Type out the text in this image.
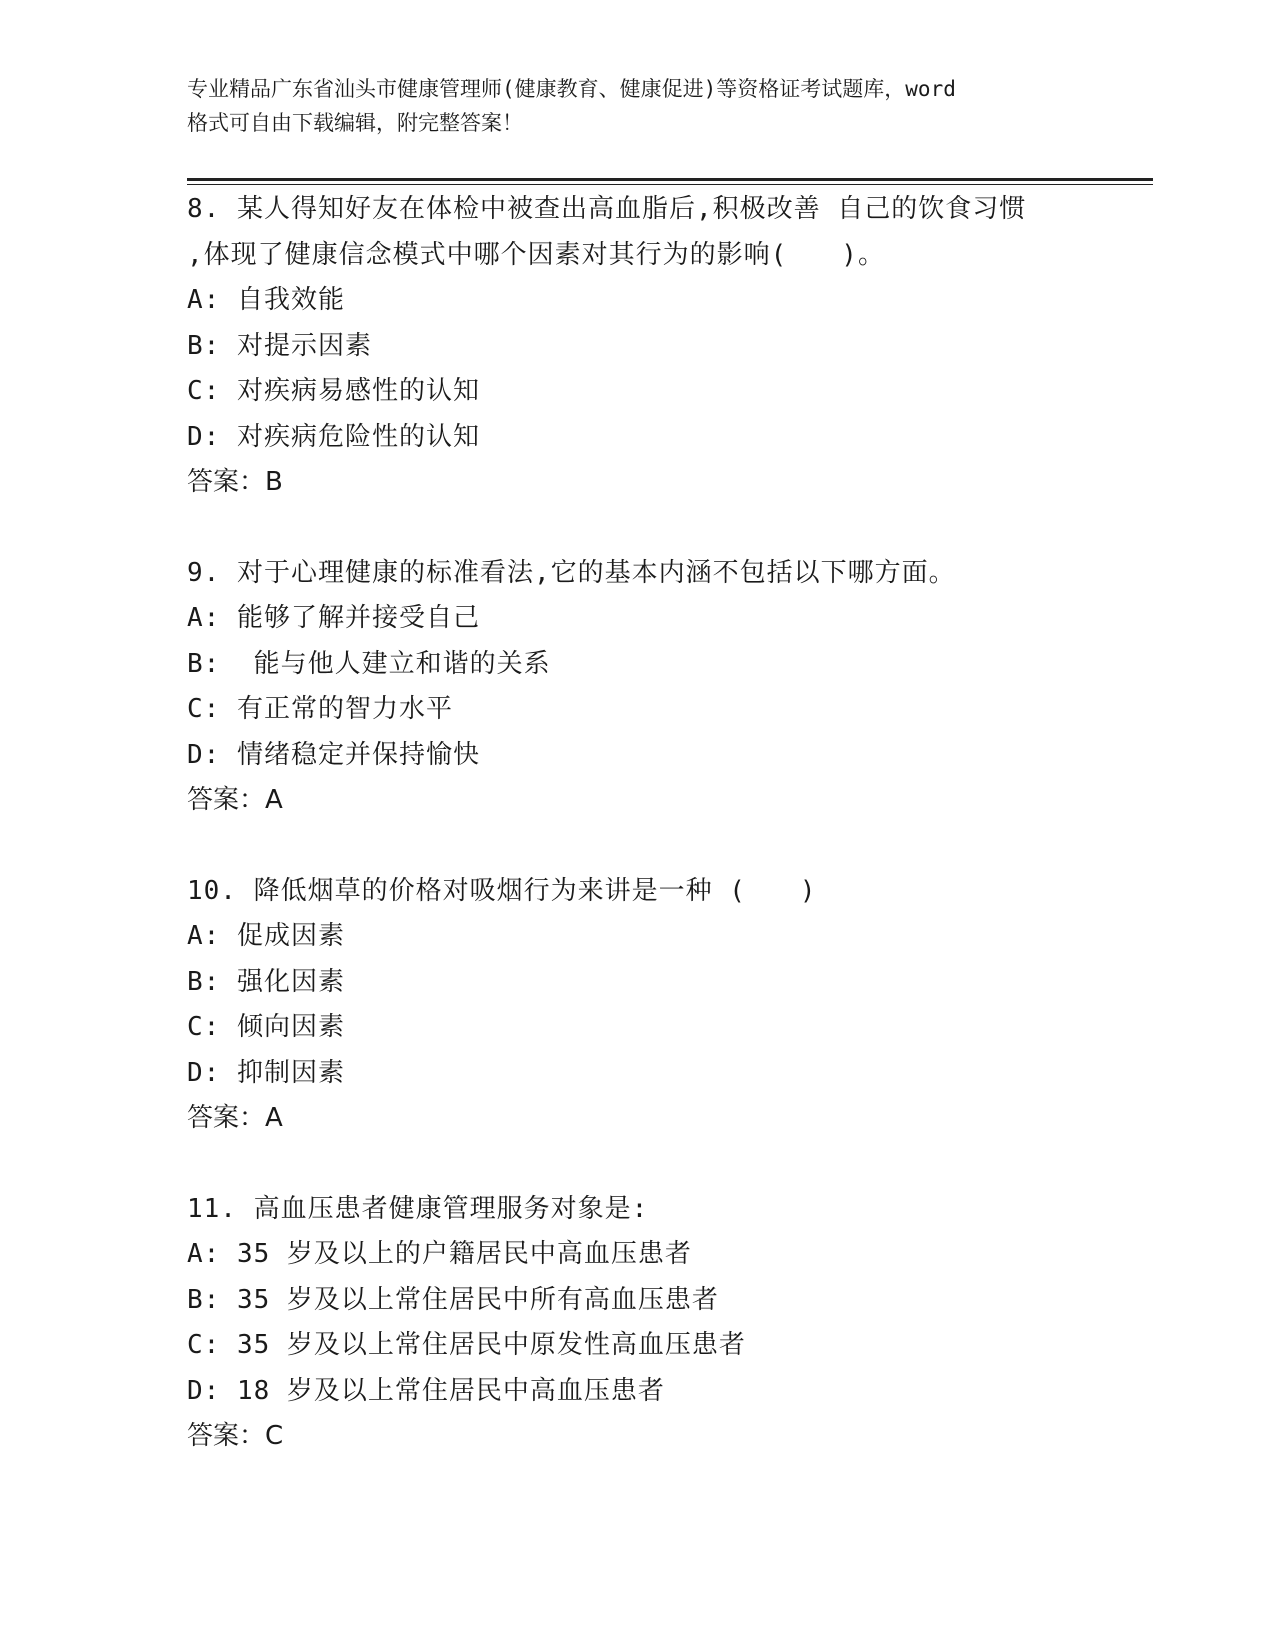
专业精品广东省汕头市健康管理师(健康教育、健康促进)等资格证考试题库，word
格式可自由下载编辑，附完整答案！
8. 某人得知好友在体检中被查出高血脂后,积极改善 自己的饮食习惯
,体现了健康信念模式中哪个因素对其行为的影响(　　)。
A: 自我效能
B: 对提示因素
C: 对疾病易感性的认知
D: 对疾病危险性的认知
答案：B
9. 对于心理健康的标准看法,它的基本内涵不包括以下哪方面。
A: 能够了解并接受自己
B:  能与他人建立和谐的关系
C: 有正常的智力水平
D: 情绪稳定并保持愉快
答案：A
10. 降低烟草的价格对吸烟行为来讲是一种 (　　)
A: 促成因素
B: 强化因素
C: 倾向因素
D: 抑制因素
答案：A
11. 高血压患者健康管理服务对象是:
A: 35 岁及以上的户籍居民中高血压患者
B: 35 岁及以上常住居民中所有高血压患者
C: 35 岁及以上常住居民中原发性高血压患者
D: 18 岁及以上常住居民中高血压患者
答案：C
